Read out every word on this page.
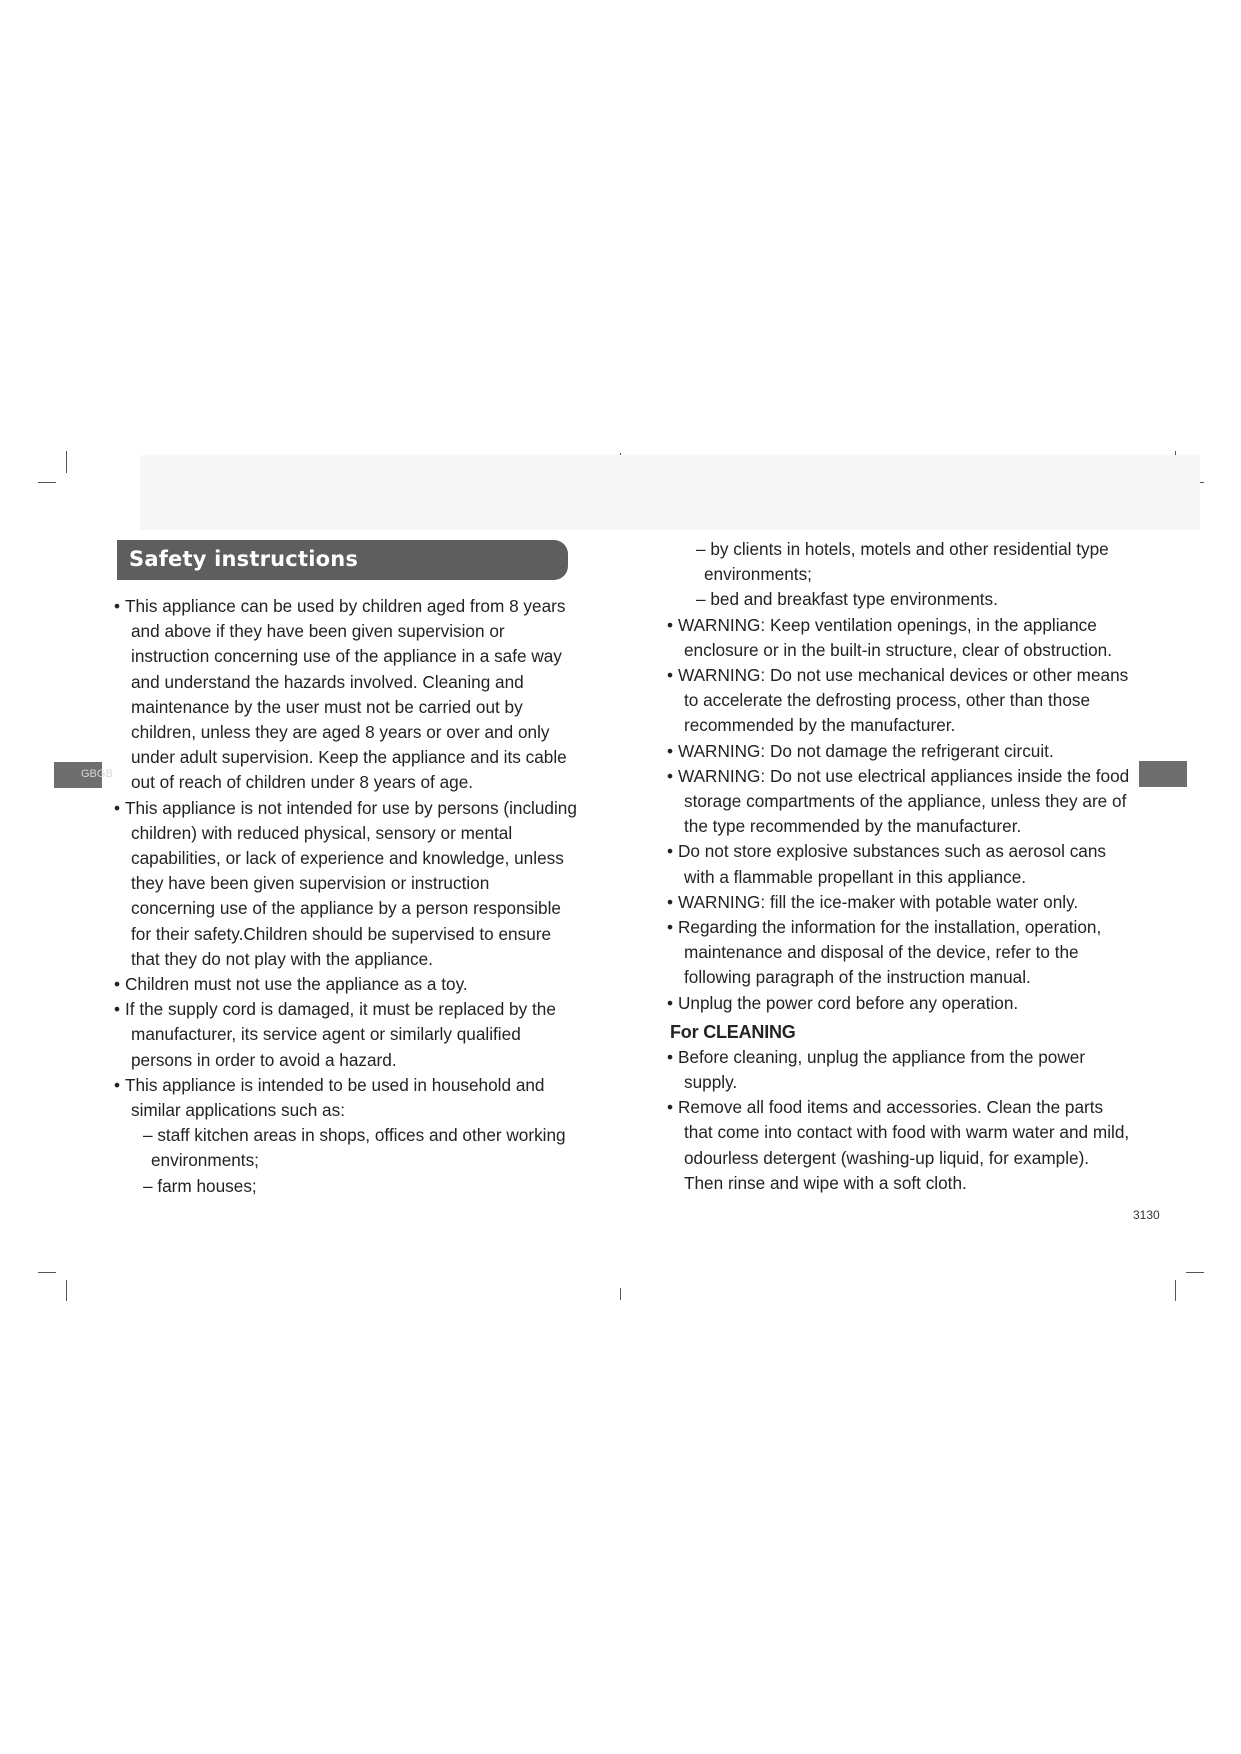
Safety instructions
GBGB
• This appliance can be used by children aged from 8 years and above if they have been given supervision or instruction concerning use of the appliance in a safe way and understand the hazards involved. Cleaning and maintenance by the user must not be carried out by children, unless they are aged 8 years or over and only under adult supervision. Keep the appliance and its cable out of reach of children under 8 years of age.
• This appliance is not intended for use by persons (including children) with reduced physical, sensory or mental capabilities, or lack of experience and knowledge, unless they have been given supervision or instruction concerning use of the appliance by a person responsible for their safety.Children should be supervised to ensure that they do not play with the appliance.
• Children must not use the appliance as a toy.
• If the supply cord is damaged, it must be replaced by the manufacturer, its service agent or similarly qualified persons in order to avoid a hazard.
• This appliance is intended to be used in household and similar applications such as:

– staff kitchen areas in shops, offices and other working environments;

– farm houses;

– by clients in hotels, motels and other residential type environments;

– bed and breakfast type environments.

• WARNING: Keep ventilation openings, in the appliance enclosure or in the built-in structure, clear of obstruction.
• WARNING: Do not use mechanical devices or other means to accelerate the defrosting process, other than those recommended by the manufacturer.
• WARNING: Do not damage the refrigerant circuit.
• WARNING: Do not use electrical appliances inside the food storage compartments of the appliance, unless they are of the type recommended by the manufacturer.
• Do not store explosive substances such as aerosol cans with a flammable propellant in this appliance.
• WARNING: fill the ice-maker with potable water only.
• Regarding the information for the installation, operation, maintenance and disposal of the device, refer to the following paragraph of the instruction manual.
• Unplug the power cord before any operation.
For CLEANING
• Before cleaning, unplug the appliance from the power supply.
• Remove all food items and accessories. Clean the parts that come into contact with food with warm water and mild, odourless detergent (washing-up liquid, for example). Then rinse and wipe with a soft cloth.
3130
